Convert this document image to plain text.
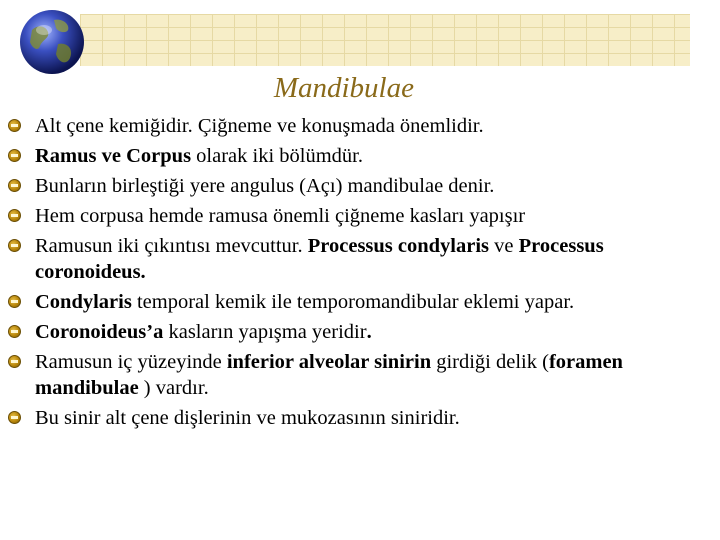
Mandibulae
Alt çene kemiğidir. Çiğneme ve konuşmada önemlidir.
Ramus ve Corpus olarak iki bölümdür.
Bunların birleştiği yere angulus (Açı) mandibulae denir.
Hem corpusa hemde ramusa önemli çiğneme kasları yapışır
Ramusun iki çıkıntısı mevcuttur. Processus condylaris ve Processus coronoideus.
Condylaris temporal kemik ile temporomandibular eklemi yapar.
Coronoideus’a kasların yapışma yeridir.
Ramusun iç yüzeyinde inferior alveolar sinirin girdiği delik (foramen mandibulae ) vardır.
Bu sinir alt çene dişlerinin ve mukozasının siniridir.
